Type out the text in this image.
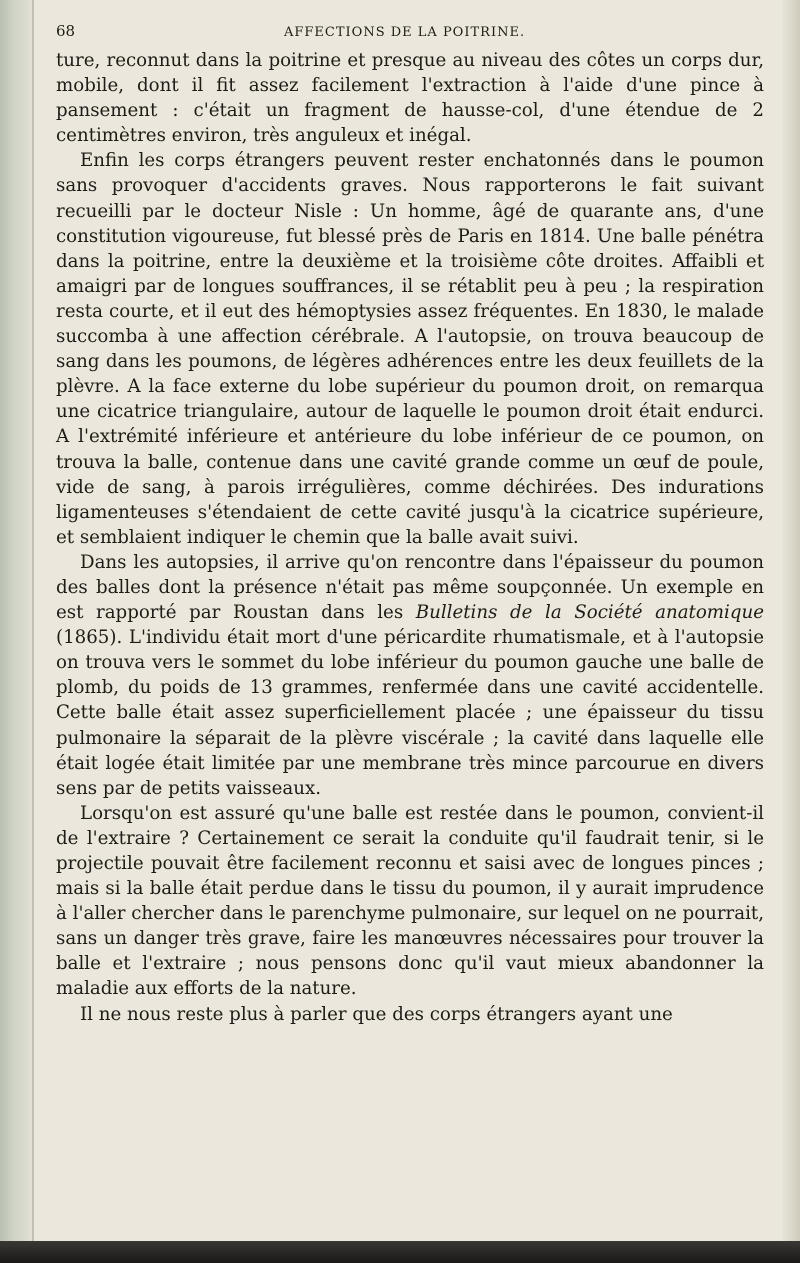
68	AFFECTIONS DE LA POITRINE.

ture, reconnut dans la poitrine et presque au niveau des côtes un corps dur, mobile, dont il fit assez facilement l'extraction à l'aide d'une pince à pansement : c'était un fragment de hausse-col, d'une étendue de 2 centimètres environ, très anguleux et inégal.

Enfin les corps étrangers peuvent rester enchatonnés dans le poumon sans provoquer d'accidents graves. Nous rapporterons le fait suivant recueilli par le docteur Nisle : Un homme, âgé de quarante ans, d'une constitution vigoureuse, fut blessé près de Paris en 1814. Une balle pénétra dans la poitrine, entre la deuxième et la troisième côte droites. Affaibli et amaigri par de longues souffrances, il se rétablit peu à peu ; la respiration resta courte, et il eut des hémoptysies assez fréquentes. En 1830, le malade succomba à une affection cérébrale. A l'autopsie, on trouva beaucoup de sang dans les poumons, de légères adhérences entre les deux feuillets de la plèvre. A la face externe du lobe supérieur du poumon droit, on remarqua une cicatrice triangulaire, autour de laquelle le poumon droit était endurci. A l'extrémité inférieure et antérieure du lobe inférieur de ce poumon, on trouva la balle, contenue dans une cavité grande comme un œuf de poule, vide de sang, à parois irrégulières, comme déchirées. Des indurations ligamenteuses s'étendaient de cette cavité jusqu'à la cicatrice supérieure, et semblaient indiquer le chemin que la balle avait suivi.

Dans les autopsies, il arrive qu'on rencontre dans l'épaisseur du poumon des balles dont la présence n'était pas même soupçonnée. Un exemple en est rapporté par Roustan dans les Bulletins de la Société anatomique (1865). L'individu était mort d'une péricardite rhumatismale, et à l'autopsie on trouva vers le sommet du lobe inférieur du poumon gauche une balle de plomb, du poids de 13 grammes, renfermée dans une cavité accidentelle. Cette balle était assez superficiellement placée ; une épaisseur du tissu pulmonaire la séparait de la plèvre viscérale ; la cavité dans laquelle elle était logée était limitée par une membrane très mince parcourue en divers sens par de petits vaisseaux.

Lorsqu'on est assuré qu'une balle est restée dans le poumon, convient-il de l'extraire ? Certainement ce serait la conduite qu'il faudrait tenir, si le projectile pouvait être facilement reconnu et saisi avec de longues pinces ; mais si la balle était perdue dans le tissu du poumon, il y aurait imprudence à l'aller chercher dans le parenchyme pulmonaire, sur lequel on ne pourrait, sans un danger très grave, faire les manœuvres nécessaires pour trouver la balle et l'extraire ; nous pensons donc qu'il vaut mieux abandonner la maladie aux efforts de la nature.

Il ne nous reste plus à parler que des corps étrangers ayant une
